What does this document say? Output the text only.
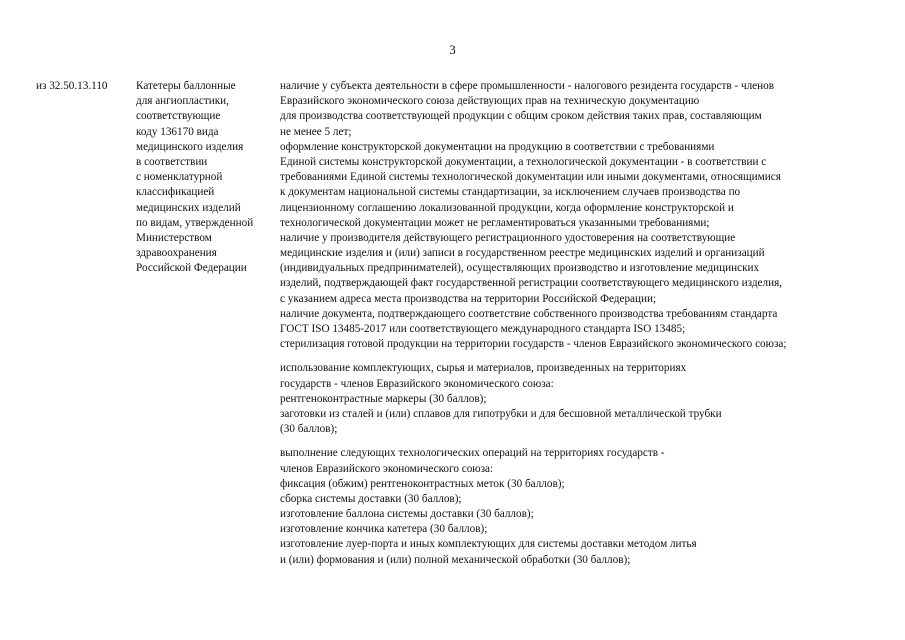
3
из 32.50.13.110	Катетеры баллонные
для ангиопластики,
соответствующие
коду 136170 вида
медицинского изделия
в соответствии
с номенклатурной
классификацией
медицинских изделий
по видам, утвержденной
Министерством
здравоохранения
Российской Федерации
наличие у субъекта деятельности в сфере промышленности - налогового резидента государств - членов
Евразийского экономического союза действующих прав на техническую документацию
для производства соответствующей продукции с общим сроком действия таких прав, составляющим
не менее 5 лет;
оформление конструкторской документации на продукцию в соответствии с требованиями
Единой системы конструкторской документации, а технологической документации - в соответствии с
требованиями Единой системы технологической документации или иными документами, относящимися
к документам национальной системы стандартизации, за исключением случаев производства по
лицензионному соглашению локализованной продукции, когда оформление конструкторской и
технологической документации может не регламентироваться указанными требованиями;
наличие у производителя действующего регистрационного удостоверения на соответствующие
медицинские изделия и (или) записи в государственном реестре медицинских изделий и организаций
(индивидуальных предпринимателей), осуществляющих производство и изготовление медицинских
изделий, подтверждающей факт государственной регистрации соответствующего медицинского изделия,
с указанием адреса места производства на территории Российской Федерации;
наличие документа, подтверждающего соответствие собственного производства требованиям стандарта
ГОСТ ISO 13485-2017 или соответствующего международного стандарта ISO 13485;
стерилизация готовой продукции на территории государств - членов Евразийского экономического союза;
использование комплектующих, сырья и материалов, произведенных на территориях
государств - членов Евразийского экономического союза:
рентгеноконтрастные маркеры (30 баллов);
заготовки из сталей и (или) сплавов для гипотрубки и для бесшовной металлической трубки
(30 баллов);
выполнение следующих технологических операций на территориях государств -
членов Евразийского экономического союза:
фиксация (обжим) рентгеноконтрастных меток (30 баллов);
сборка системы доставки (30 баллов);
изготовление баллона системы доставки (30 баллов);
изготовление кончика катетера (30 баллов);
изготовление луер-порта и иных комплектующих для системы доставки методом литья
и (или) формования и (или) полной механической обработки (30 баллов);
